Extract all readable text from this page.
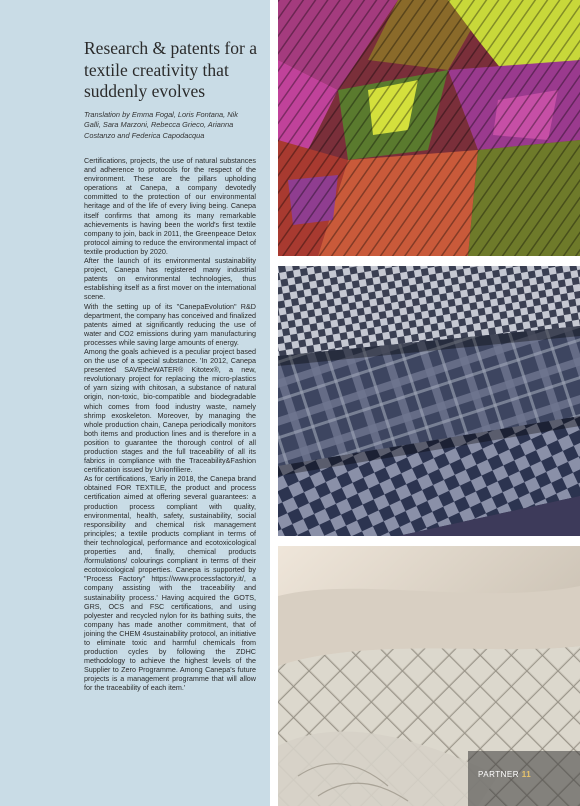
Research & patents for a textile creativity that suddenly evolves

Translation by Emma Fogal, Loris Fontana, Nik Galli, Sara Marzoni, Rebecca Grieco, Arianna Costanzo and Federica Capodacqua

Certifications, projects, the use of natural substances and adherence to protocols for the respect of the environment. These are the pillars upholding operations at Canepa, a company devotedly committed to the protection of our environmental heritage and of the life of every living being. Canepa itself confirms that among its many remarkable achievements is having been the world's first textile company to join, back in 2011, the Greenpeace Detox protocol aiming to reduce the environmental impact of textile production by 2020.

After the launch of its environmental sustainability project, Canepa has registered many industrial patents on environmental technologies, thus establishing itself as a first mover on the international scene.

With the setting up of its "CanepaEvolution" R&D department, the company has conceived and finalized patents aimed at significantly reducing the use of water and CO2 emissions during yarn manufacturing processes while saving large amounts of energy.

Among the goals achieved is a peculiar project based on the use of a special substance. 'In 2012, Canepa presented SAVEtheWATER® Kitotex®, a new, revolutionary project for replacing the micro-plastics of yarn sizing with chitosan, a substance of natural origin, non-toxic, bio-compatible and biodegradable which comes from food industry waste, namely shrimp exoskeleton. Moreover, by managing the whole production chain, Canepa periodically monitors both items and production lines and is therefore in a position to guarantee the thorough control of all production stages and the full traceability of all its fabrics in compliance with the Traceability&Fashion certification issued by Unionfiliere.

As for certifications, 'Early in 2018, the Canepa brand obtained FOR TEXTILE, the product and process certification aimed at offering several guarantees: a production process compliant with quality, environmental, health, safety, sustainability, social responsibility and chemical risk management principles; a textile products compliant in terms of their technological, performance and ecotoxicological properties and, finally, chemical products /formulations/ colourings compliant in terms of their ecotoxicological properties. Canepa is supported by "Process Factory" https://www.processfactory.it/, a company assisting with the traceability and sustainability process.' Having acquired the GOTS, GRS, OCS and FSC certifications, and using polyester and recycled nylon for its bathing suits, the company has made another commitment, that of joining the CHEM 4sustainability protocol, an initiative to eliminate toxic and harmful chemicals from production cycles by following the ZDHC methodology to achieve the highest levels of the Supplier to Zero Programme. Among Canepa's future projects is a management programme that will allow for the traceability of each item.'

PARTNER 11
